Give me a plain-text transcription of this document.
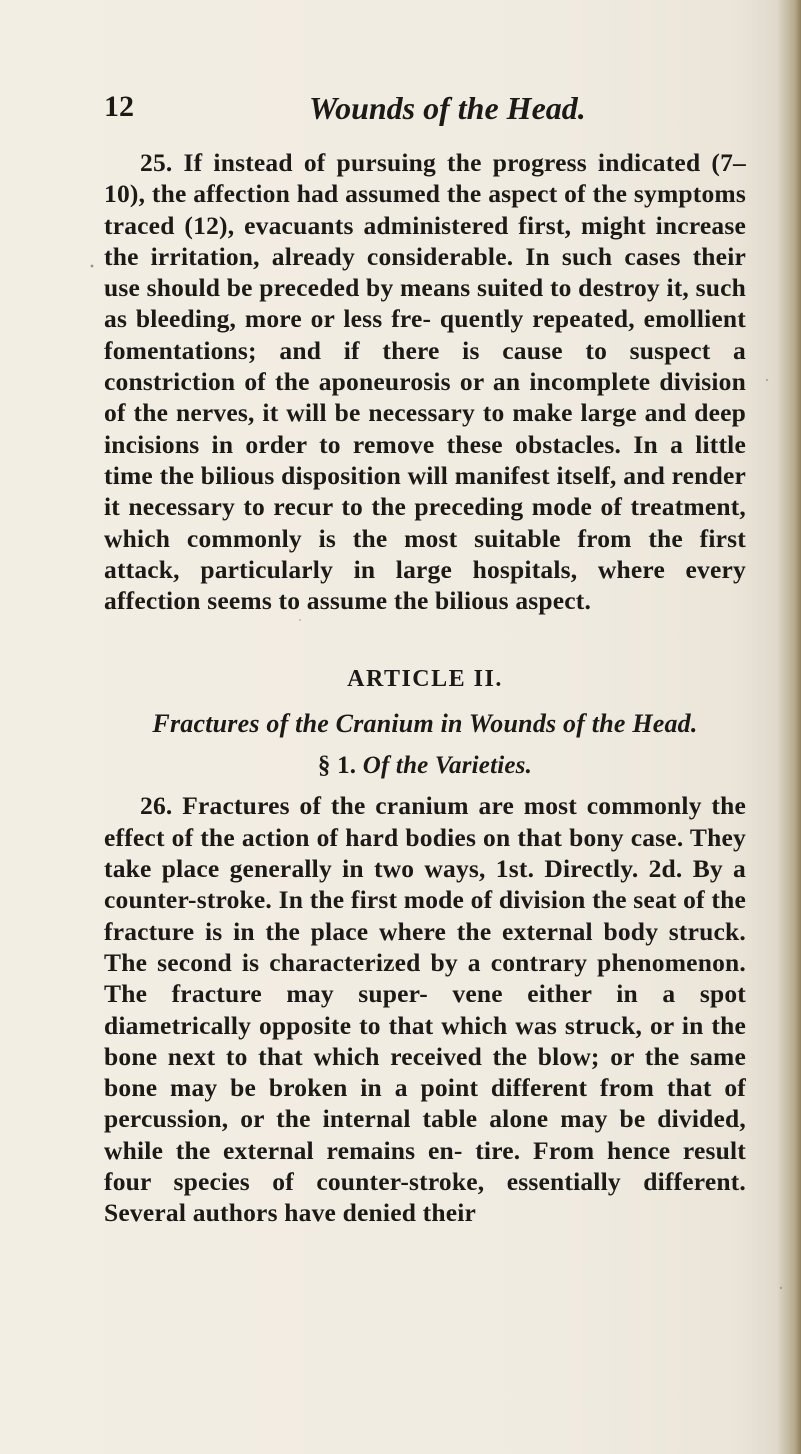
12	Wounds of the Head.

25. If instead of pursuing the progress indicated (7–10), the affection had assumed the aspect of the symptoms traced (12), evacuants administered first, might increase the irritation, already considerable. In such cases their use should be preceded by means suited to destroy it, such as bleeding, more or less fre- quently repeated, emollient fomentations; and if there is cause to suspect a constriction of the aponeurosis or an incomplete division of the nerves, it will be necessary to make large and deep incisions in order to remove these obstacles. In a little time the bilious disposition will manifest itself, and render it necessary to recur to the preceding mode of treatment, which commonly is the most suitable from the first attack, particularly in large hospitals, where every affection seems to assume the bilious aspect.

ARTICLE II.

Fractures of the Cranium in Wounds of the Head.

§ 1. Of the Varieties.

26. Fractures of the cranium are most commonly the effect of the action of hard bodies on that bony case. They take place generally in two ways, 1st. Directly. 2d. By a counter-stroke. In the first mode of division the seat of the fracture is in the place where the external body struck. The second is characterized by a contrary phenomenon. The fracture may super- vene either in a spot diametrically opposite to that which was struck, or in the bone next to that which received the blow; or the same bone may be broken in a point different from that of percussion, or the internal table alone may be divided, while the external remains en- tire. From hence result four species of counter-stroke, essentially different. Several authors have denied their
